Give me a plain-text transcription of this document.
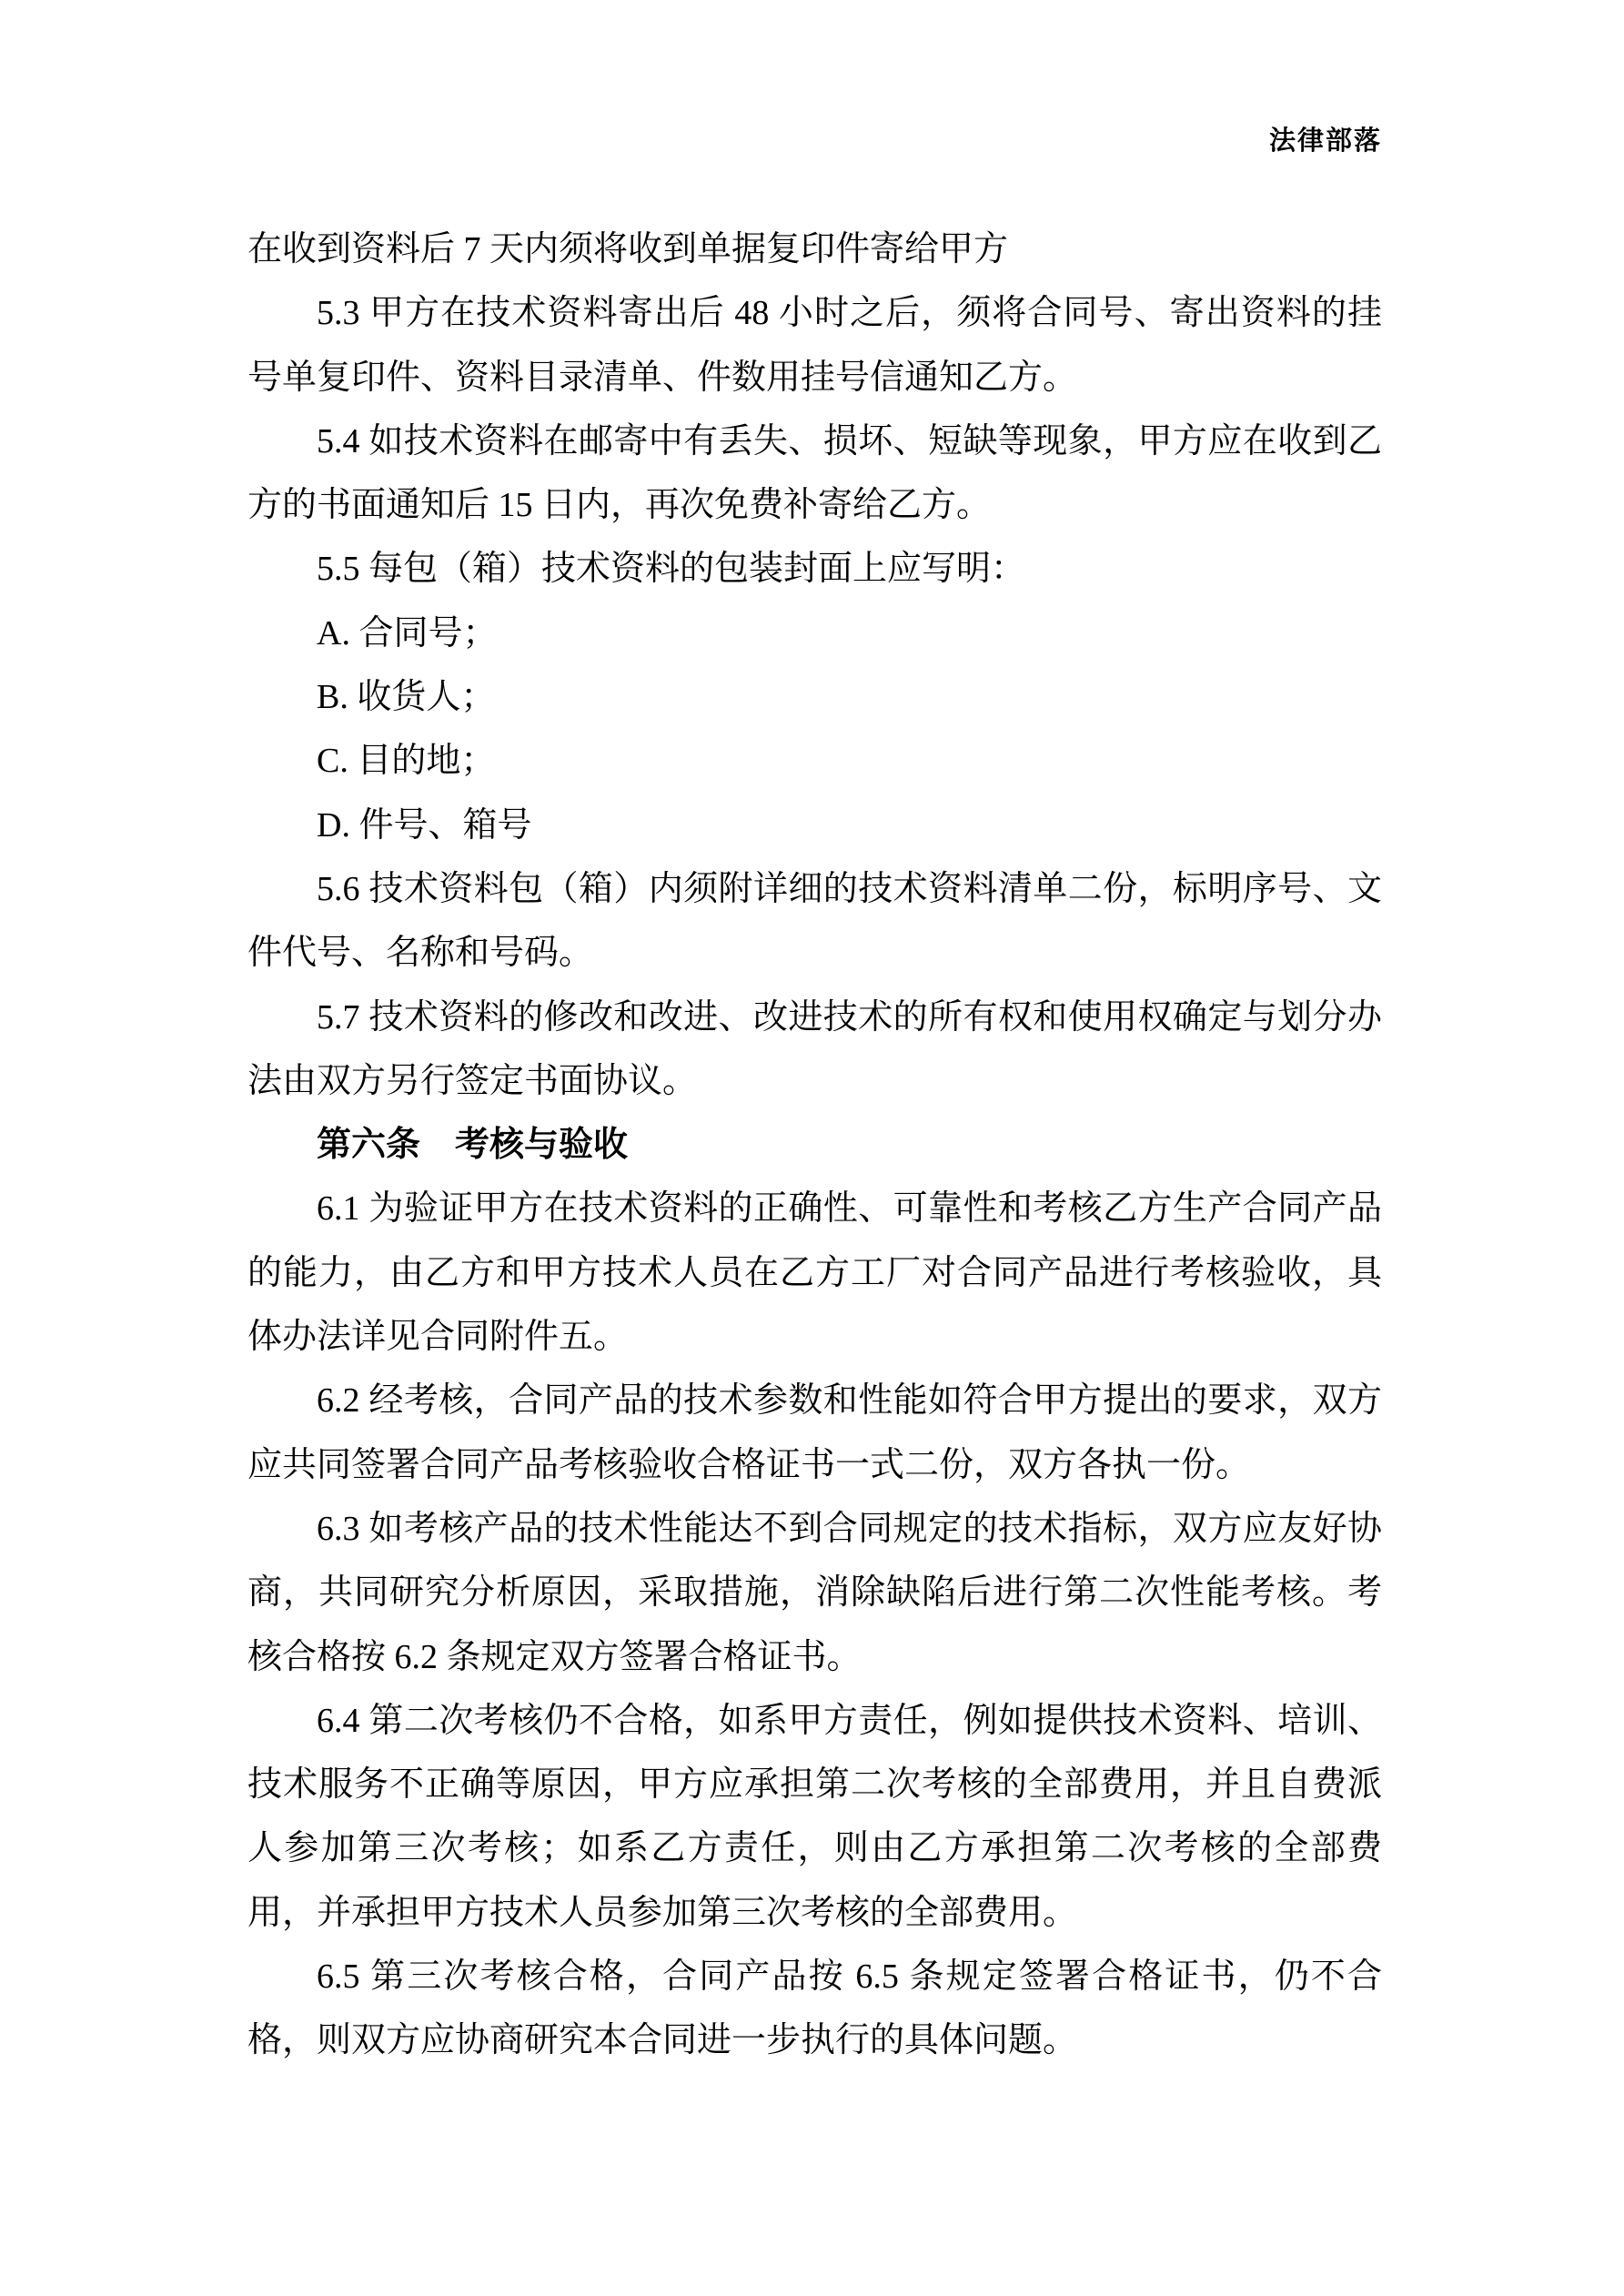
法律部落

在收到资料后 7 天内须将收到单据复印件寄给甲方

5.3 甲方在技术资料寄出后 48 小时之后，须将合同号、寄出资料的挂号单复印件、资料目录清单、件数用挂号信通知乙方。

5.4 如技术资料在邮寄中有丢失、损坏、短缺等现象，甲方应在收到乙方的书面通知后 15 日内，再次免费补寄给乙方。

5.5 每包（箱）技术资料的包装封面上应写明：

A. 合同号；

B. 收货人；

C. 目的地；

D. 件号、箱号

5.6 技术资料包（箱）内须附详细的技术资料清单二份，标明序号、文件代号、名称和号码。

5.7 技术资料的修改和改进、改进技术的所有权和使用权确定与划分办法由双方另行签定书面协议。

第六条　考核与验收

6.1 为验证甲方在技术资料的正确性、可靠性和考核乙方生产合同产品的能力，由乙方和甲方技术人员在乙方工厂对合同产品进行考核验收，具体办法详见合同附件五。

6.2 经考核，合同产品的技术参数和性能如符合甲方提出的要求，双方应共同签署合同产品考核验收合格证书一式二份，双方各执一份。

6.3 如考核产品的技术性能达不到合同规定的技术指标，双方应友好协商，共同研究分析原因，采取措施，消除缺陷后进行第二次性能考核。考核合格按 6.2 条规定双方签署合格证书。

6.4 第二次考核仍不合格，如系甲方责任，例如提供技术资料、培训、技术服务不正确等原因，甲方应承担第二次考核的全部费用，并且自费派人参加第三次考核；如系乙方责任，则由乙方承担第二次考核的全部费用，并承担甲方技术人员参加第三次考核的全部费用。

6.5 第三次考核合格，合同产品按 6.5 条规定签署合格证书，仍不合格，则双方应协商研究本合同进一步执行的具体问题。
